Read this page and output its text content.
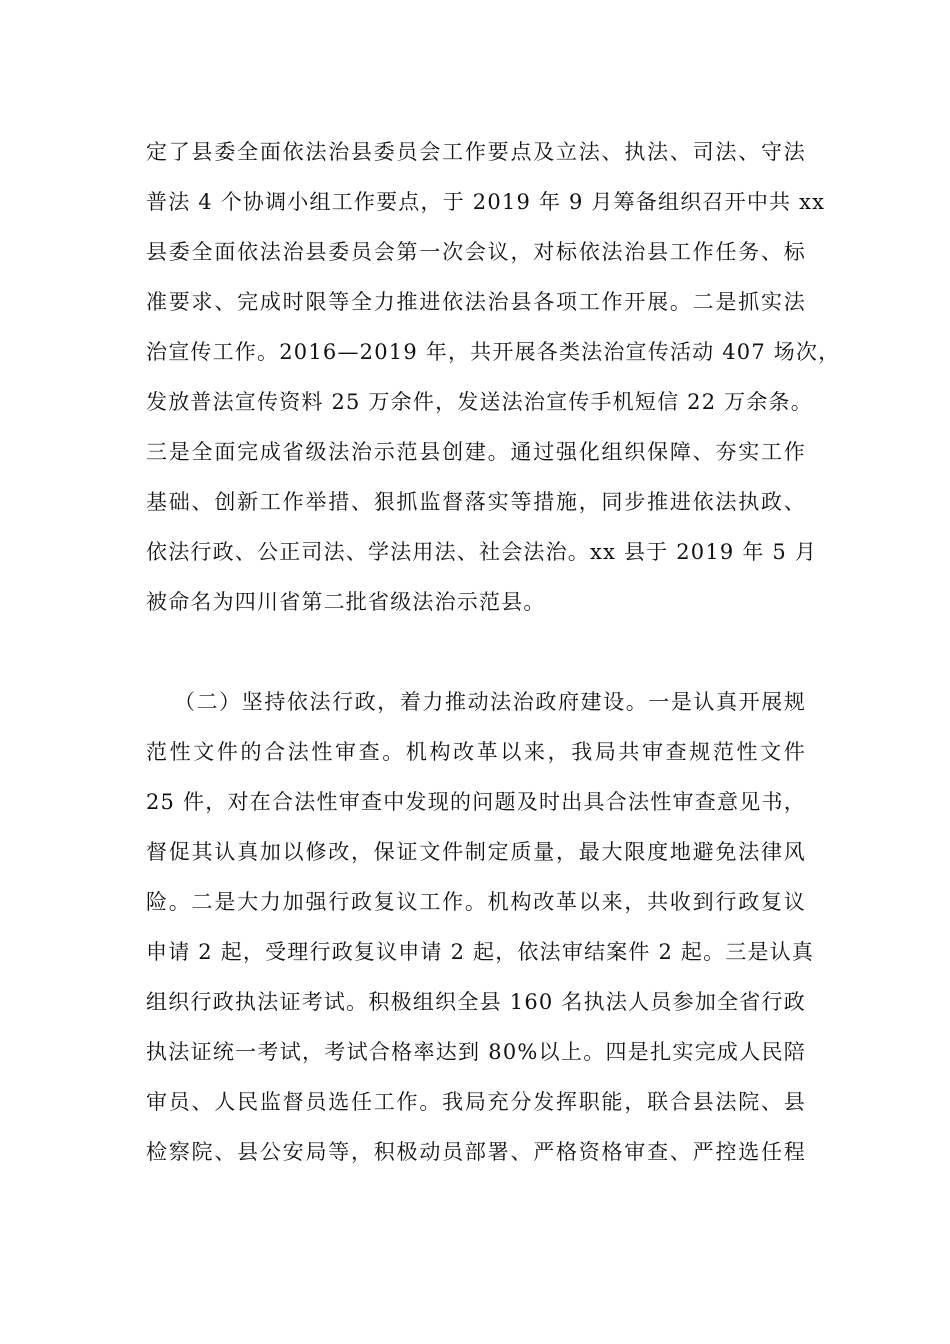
定了县委全面依法治县委员会工作要点及立法、执法、司法、守法
普法 4 个协调小组工作要点，于 2019 年 9 月筹备组织召开中共 xx
县委全面依法治县委员会第一次会议，对标依法治县工作任务、标
准要求、完成时限等全力推进依法治县各项工作开展。二是抓实法
治宣传工作。2016—2019 年，共开展各类法治宣传活动 407 场次，
发放普法宣传资料 25 万余件，发送法治宣传手机短信 22 万余条。
三是全面完成省级法治示范县创建。通过强化组织保障、夯实工作
基础、创新工作举措、狠抓监督落实等措施，同步推进依法执政、
依法行政、公正司法、学法用法、社会法治。xx 县于 2019 年 5 月
被命名为四川省第二批省级法治示范县。
（二）坚持依法行政，着力推动法治政府建设。一是认真开展规
范性文件的合法性审查。机构改革以来，我局共审查规范性文件
25 件，对在合法性审查中发现的问题及时出具合法性审查意见书，
督促其认真加以修改，保证文件制定质量，最大限度地避免法律风
险。二是大力加强行政复议工作。机构改革以来，共收到行政复议
申请 2 起，受理行政复议申请 2 起，依法审结案件 2 起。三是认真
组织行政执法证考试。积极组织全县 160 名执法人员参加全省行政
执法证统一考试，考试合格率达到 80%以上。四是扎实完成人民陪
审员、人民监督员选任工作。我局充分发挥职能，联合县法院、县
检察院、县公安局等，积极动员部署、严格资格审查、严控选任程
